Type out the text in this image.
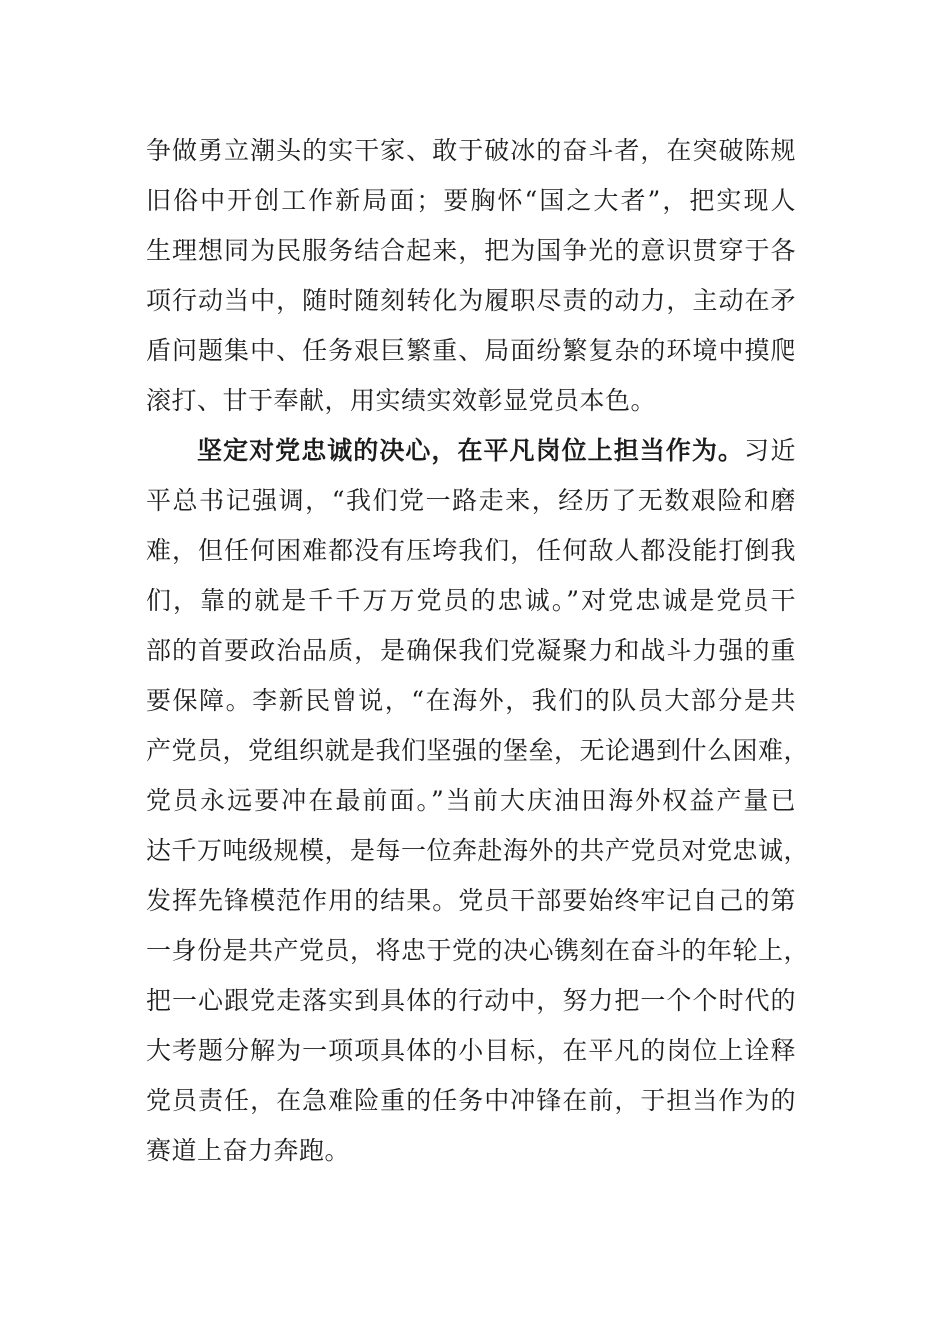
争做勇立潮头的实干家、敢于破冰的奋斗者，在突破陈规
旧俗中开创工作新局面；要胸怀“国之大者”，把实现人
生理想同为民服务结合起来，把为国争光的意识贯穿于各
项行动当中，随时随刻转化为履职尽责的动力，主动在矛
盾问题集中、任务艰巨繁重、局面纷繁复杂的环境中摸爬
滚打、甘于奉献，用实绩实效彰显党员本色。
坚定对党忠诚的决心，在平凡岗位上担当作为。习近
平总书记强调，“我们党一路走来，经历了无数艰险和磨
难，但任何困难都没有压垮我们，任何敌人都没能打倒我
们，靠的就是千千万万党员的忠诚。”对党忠诚是党员干
部的首要政治品质，是确保我们党凝聚力和战斗力强的重
要保障。李新民曾说，“在海外，我们的队员大部分是共
产党员，党组织就是我们坚强的堡垒，无论遇到什么困难，
党员永远要冲在最前面。”当前大庆油田海外权益产量已
达千万吨级规模，是每一位奔赴海外的共产党员对党忠诚，
发挥先锋模范作用的结果。党员干部要始终牢记自己的第
一身份是共产党员，将忠于党的决心镌刻在奋斗的年轮上，
把一心跟党走落实到具体的行动中，努力把一个个时代的
大考题分解为一项项具体的小目标，在平凡的岗位上诠释
党员责任，在急难险重的任务中冲锋在前，于担当作为的
赛道上奋力奔跑。
